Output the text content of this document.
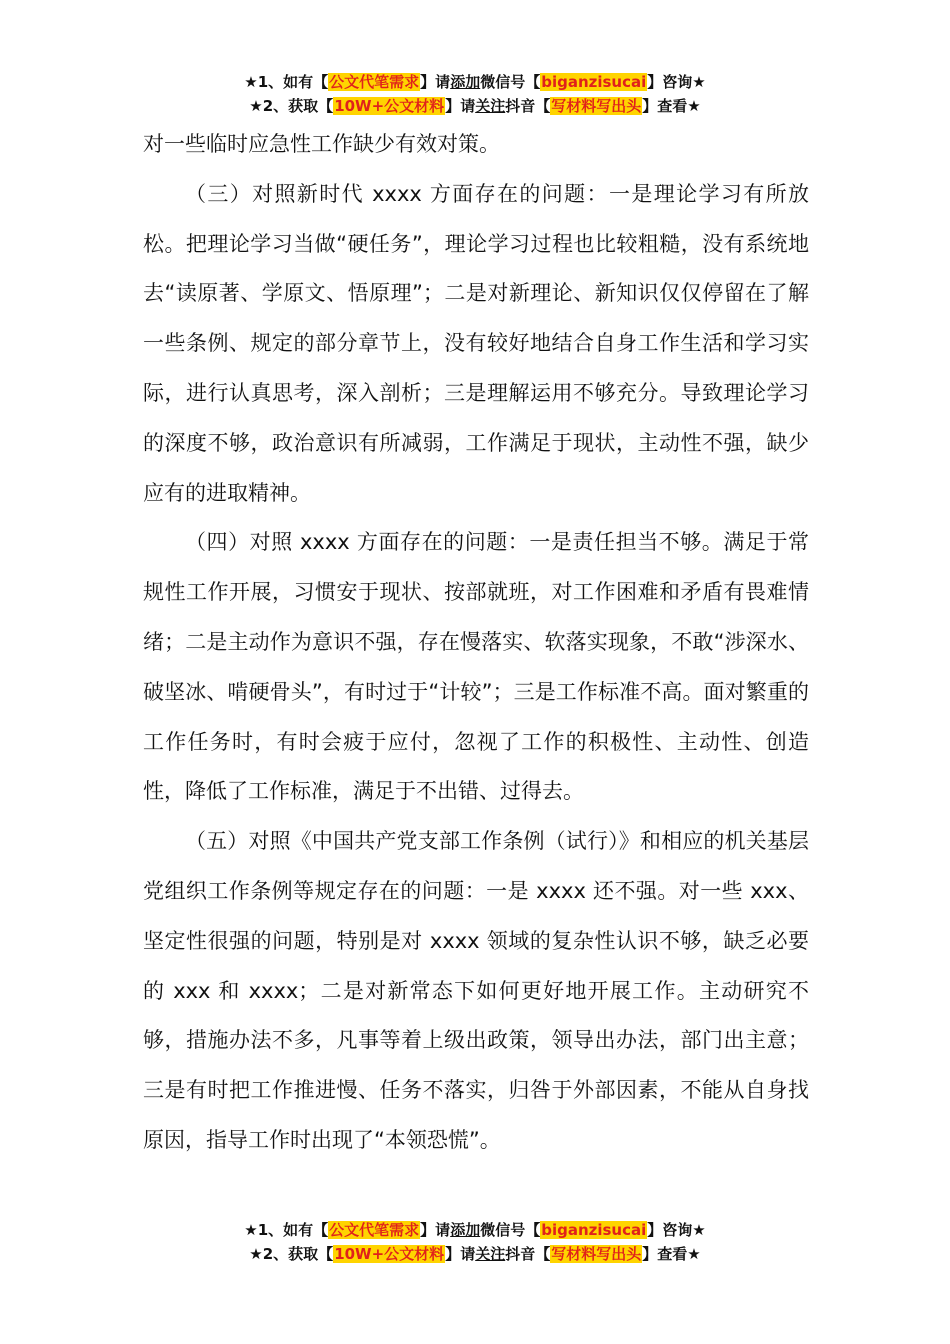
★1、如有【公文代笔需求】请添加微信号【biganzisucai】咨询★
★2、获取【10W+公文材料】请关注抖音【写材料写出头】查看★

对一些临时应急性工作缺少有效对策。

（三）对照新时代 xxxx 方面存在的问题：一是理论学习有所放松。把理论学习当做“硬任务”，理论学习过程也比较粗糙，没有系统地去“读原著、学原文、悟原理”；二是对新理论、新知识仅仅停留在了解一些条例、规定的部分章节上，没有较好地结合自身工作生活和学习实际，进行认真思考，深入剖析；三是理解运用不够充分。导致理论学习的深度不够，政治意识有所减弱，工作满足于现状，主动性不强，缺少应有的进取精神。

（四）对照 xxxx 方面存在的问题：一是责任担当不够。满足于常规性工作开展，习惯安于现状、按部就班，对工作困难和矛盾有畏难情绪；二是主动作为意识不强，存在慢落实、软落实现象，不敢“涉深水、破坚冰、啃硬骨头”，有时过于“计较”；三是工作标准不高。面对繁重的工作任务时，有时会疲于应付，忽视了工作的积极性、主动性、创造性，降低了工作标准，满足于不出错、过得去。

（五）对照《中国共产党支部工作条例（试行）》和相应的机关基层党组织工作条例等规定存在的问题：一是 xxxx 还不强。对一些 xxx、坚定性很强的问题，特别是对 xxxx 领域的复杂性认识不够，缺乏必要的 xxx 和 xxxx；二是对新常态下如何更好地开展工作。主动研究不够，措施办法不多，凡事等着上级出政策，领导出办法，部门出主意；三是有时把工作推进慢、任务不落实，归咎于外部因素，不能从自身找原因，指导工作时出现了“本领恐慌”。

★1、如有【公文代笔需求】请添加微信号【biganzisucai】咨询★
★2、获取【10W+公文材料】请关注抖音【写材料写出头】查看★
